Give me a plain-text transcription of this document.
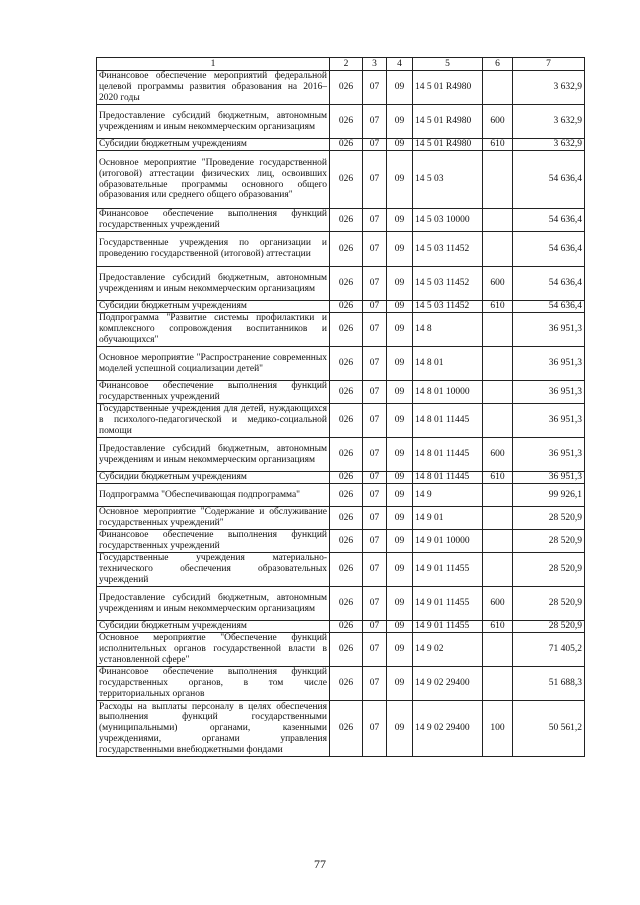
1	2	3	4	5	6	7
Финансовое обеспечение мероприятий федеральной целевой программы развития образования на 2016–2020 годы	026	07	09	14 5 01 R4980		3 632,9
Предоставление субсидий бюджетным, автономным учреждениям и иным некоммерческим организациям	026	07	09	14 5 01 R4980	600	3 632,9
Субсидии бюджетным учреждениям	026	07	09	14 5 01 R4980	610	3 632,9
Основное мероприятие "Проведение государственной (итоговой) аттестации физических лиц, освоивших образовательные программы основного общего образования или среднего общего образования"	026	07	09	14 5 03		54 636,4
Финансовое обеспечение выполнения функций государственных учреждений	026	07	09	14 5 03 10000		54 636,4
Государственные учреждения по организации и проведению государственной (итоговой) аттестации	026	07	09	14 5 03 11452		54 636,4
Предоставление субсидий бюджетным, автономным учреждениям и иным некоммерческим организациям	026	07	09	14 5 03 11452	600	54 636,4
Субсидии бюджетным учреждениям	026	07	09	14 5 03 11452	610	54 636,4
Подпрограмма "Развитие системы профилактики и комплексного сопровождения воспитанников и обучающихся"	026	07	09	14 8		36 951,3
Основное мероприятие "Распространение современных моделей успешной социализации детей"	026	07	09	14 8 01		36 951,3
Финансовое обеспечение выполнения функций государственных учреждений	026	07	09	14 8 01 10000		36 951,3
Государственные учреждения для детей, нуждающихся в психолого-педагогической и медико-социальной помощи	026	07	09	14 8 01 11445		36 951,3
Предоставление субсидий бюджетным, автономным учреждениям и иным некоммерческим организациям	026	07	09	14 8 01 11445	600	36 951,3
Субсидии бюджетным учреждениям	026	07	09	14 8 01 11445	610	36 951,3
Подпрограмма "Обеспечивающая подпрограмма"	026	07	09	14 9		99 926,1
Основное мероприятие "Содержание и обслуживание государственных учреждений"	026	07	09	14 9 01		28 520,9
Финансовое обеспечение выполнения функций государственных учреждений	026	07	09	14 9 01 10000		28 520,9
Государственные учреждения материально-технического обеспечения образовательных учреждений	026	07	09	14 9 01 11455		28 520,9
Предоставление субсидий бюджетным, автономным учреждениям и иным некоммерческим организациям	026	07	09	14 9 01 11455	600	28 520,9
Субсидии бюджетным учреждениям	026	07	09	14 9 01 11455	610	28 520,9
Основное мероприятие "Обеспечение функций исполнительных органов государственной власти в установленной сфере"	026	07	09	14 9 02		71 405,2
Финансовое обеспечение выполнения функций государственных органов, в том числе территориальных органов	026	07	09	14 9 02 29400		51 688,3
Расходы на выплаты персоналу в целях обеспечения выполнения функций государственными (муниципальными) органами, казенными учреждениями, органами управления государственными внебюджетными фондами	026	07	09	14 9 02 29400	100	50 561,2
77
